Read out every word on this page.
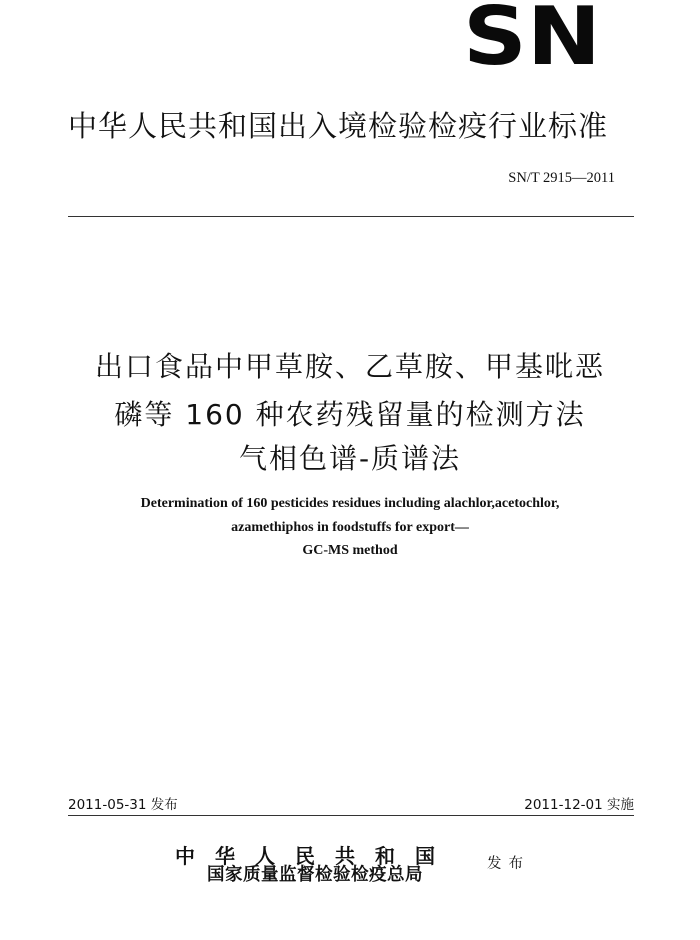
SN
中华人民共和国出入境检验检疫行业标准
SN/T 2915—2011
出口食品中甲草胺、乙草胺、甲基吡恶
磷等 160 种农药残留量的检测方法
气相色谱-质谱法
Determination of 160 pesticides residues including alachlor,acetochlor,
azamethiphos in foodstuffs for export—
GC-MS method
2011-05-31 发布	2011-12-01 实施
中华人民共和国
国家质量监督检验检疫总局
发布
